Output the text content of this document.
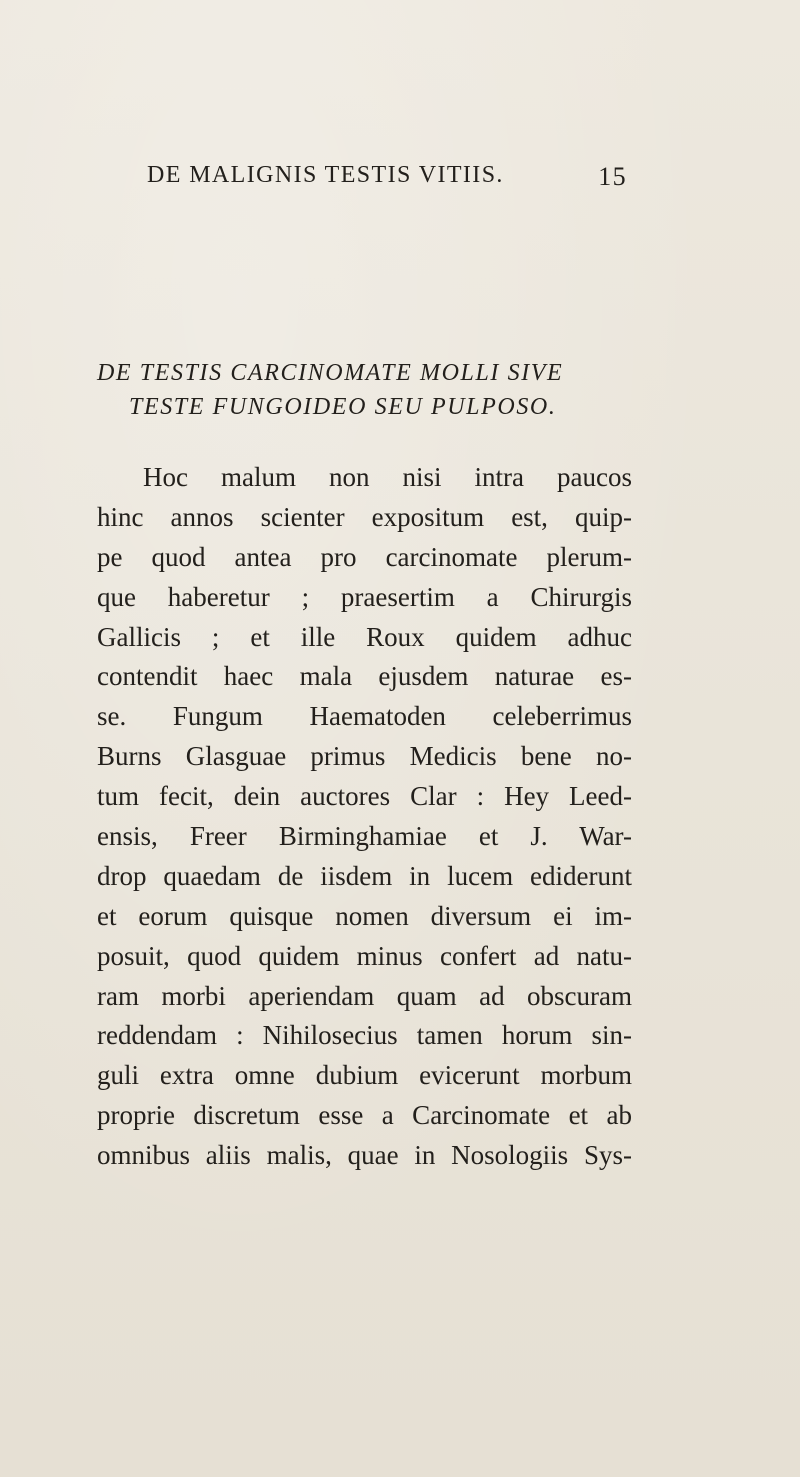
DE MALIGNIS TESTIS VITIIS.	15
DE TESTIS CARCINOMATE MOLLI SIVE
TESTE FUNGOIDEO SEU PULPOSO.
Hoc malum non nisi intra paucos
hinc annos scienter expositum est, quip-
pe quod antea pro carcinomate plerum-
que haberetur ; praesertim a Chirurgis
Gallicis ; et ille Roux quidem adhuc
contendit haec mala ejusdem naturae es-
se. Fungum Haematoden celeberrimus
Burns Glasguae primus Medicis bene no-
tum fecit, dein auctores Clar : Hey Leed-
ensis, Freer Birminghamiae et J. War-
drop quaedam de iisdem in lucem ediderunt
et eorum quisque nomen diversum ei im-
posuit, quod quidem minus confert ad natu-
ram morbi aperiendam quam ad obscuram
reddendam : Nihilosecius tamen horum sin-
guli extra omne dubium evicerunt morbum
proprie discretum esse a Carcinomate et ab
omnibus aliis malis, quae in Nosologiis Sys-
